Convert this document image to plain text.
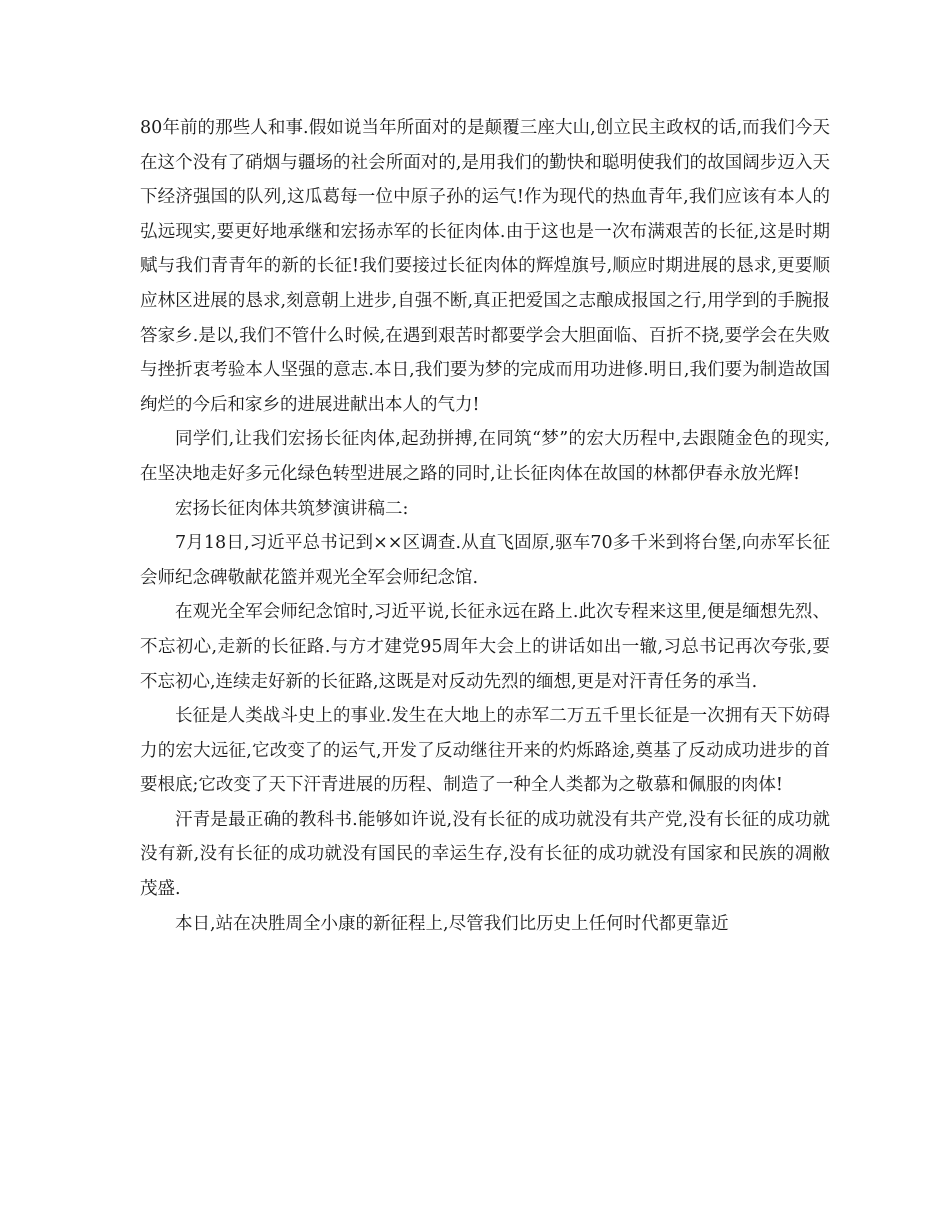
80年前的那些人和事.假如说当年所面对的是颠覆三座大山,创立民主政权的话,而我们今天在这个没有了硝烟与疆场的社会所面对的,是用我们的勤快和聪明使我们的故国阔步迈入天下经济强国的队列,这瓜葛每一位中原子孙的运气!作为现代的热血青年,我们应该有本人的弘远现实,要更好地承继和宏扬赤军的长征肉体.由于这也是一次布满艰苦的长征,这是时期赋与我们青青年的新的长征!我们要接过长征肉体的辉煌旗号,顺应时期进展的恳求,更要顺应林区进展的恳求,刻意朝上进步,自强不断,真正把爱国之志酿成报国之行,用学到的手腕报答家乡.是以,我们不管什么时候,在遇到艰苦时都要学会大胆面临、百折不挠,要学会在失败与挫折衷考验本人坚强的意志.本日,我们要为梦的完成而用功进修.明日,我们要为制造故国绚烂的今后和家乡的进展进献出本人的气力!

同学们,让我们宏扬长征肉体,起劲拼搏,在同筑“梦”的宏大历程中,去跟随金色的现实,在坚决地走好多元化绿色转型进展之路的同时,让长征肉体在故国的林都伊春永放光辉!

宏扬长征肉体共筑梦演讲稿二:

7月18日,习近平总书记到××区调查.从直飞固原,驱车70多千米到将台堡,向赤军长征会师纪念碑敬献花篮并观光全军会师纪念馆.

在观光全军会师纪念馆时,习近平说,长征永远在路上.此次专程来这里,便是缅想先烈、不忘初心,走新的长征路.与方才建党95周年大会上的讲话如出一辙,习总书记再次夸张,要不忘初心,连续走好新的长征路,这既是对反动先烈的缅想,更是对汗青任务的承当.

长征是人类战斗史上的事业.发生在大地上的赤军二万五千里长征是一次拥有天下妨碍力的宏大远征,它改变了的运气,开发了反动继往开来的灼烁路途,奠基了反动成功进步的首要根底;它改变了天下汗青进展的历程、制造了一种全人类都为之敬慕和佩服的肉体!

汗青是最正确的教科书.能够如许说,没有长征的成功就没有共产党,没有长征的成功就没有新,没有长征的成功就没有国民的幸运生存,没有长征的成功就没有国家和民族的凋敝茂盛.

本日,站在决胜周全小康的新征程上,尽管我们比历史上任何时代都更靠近
